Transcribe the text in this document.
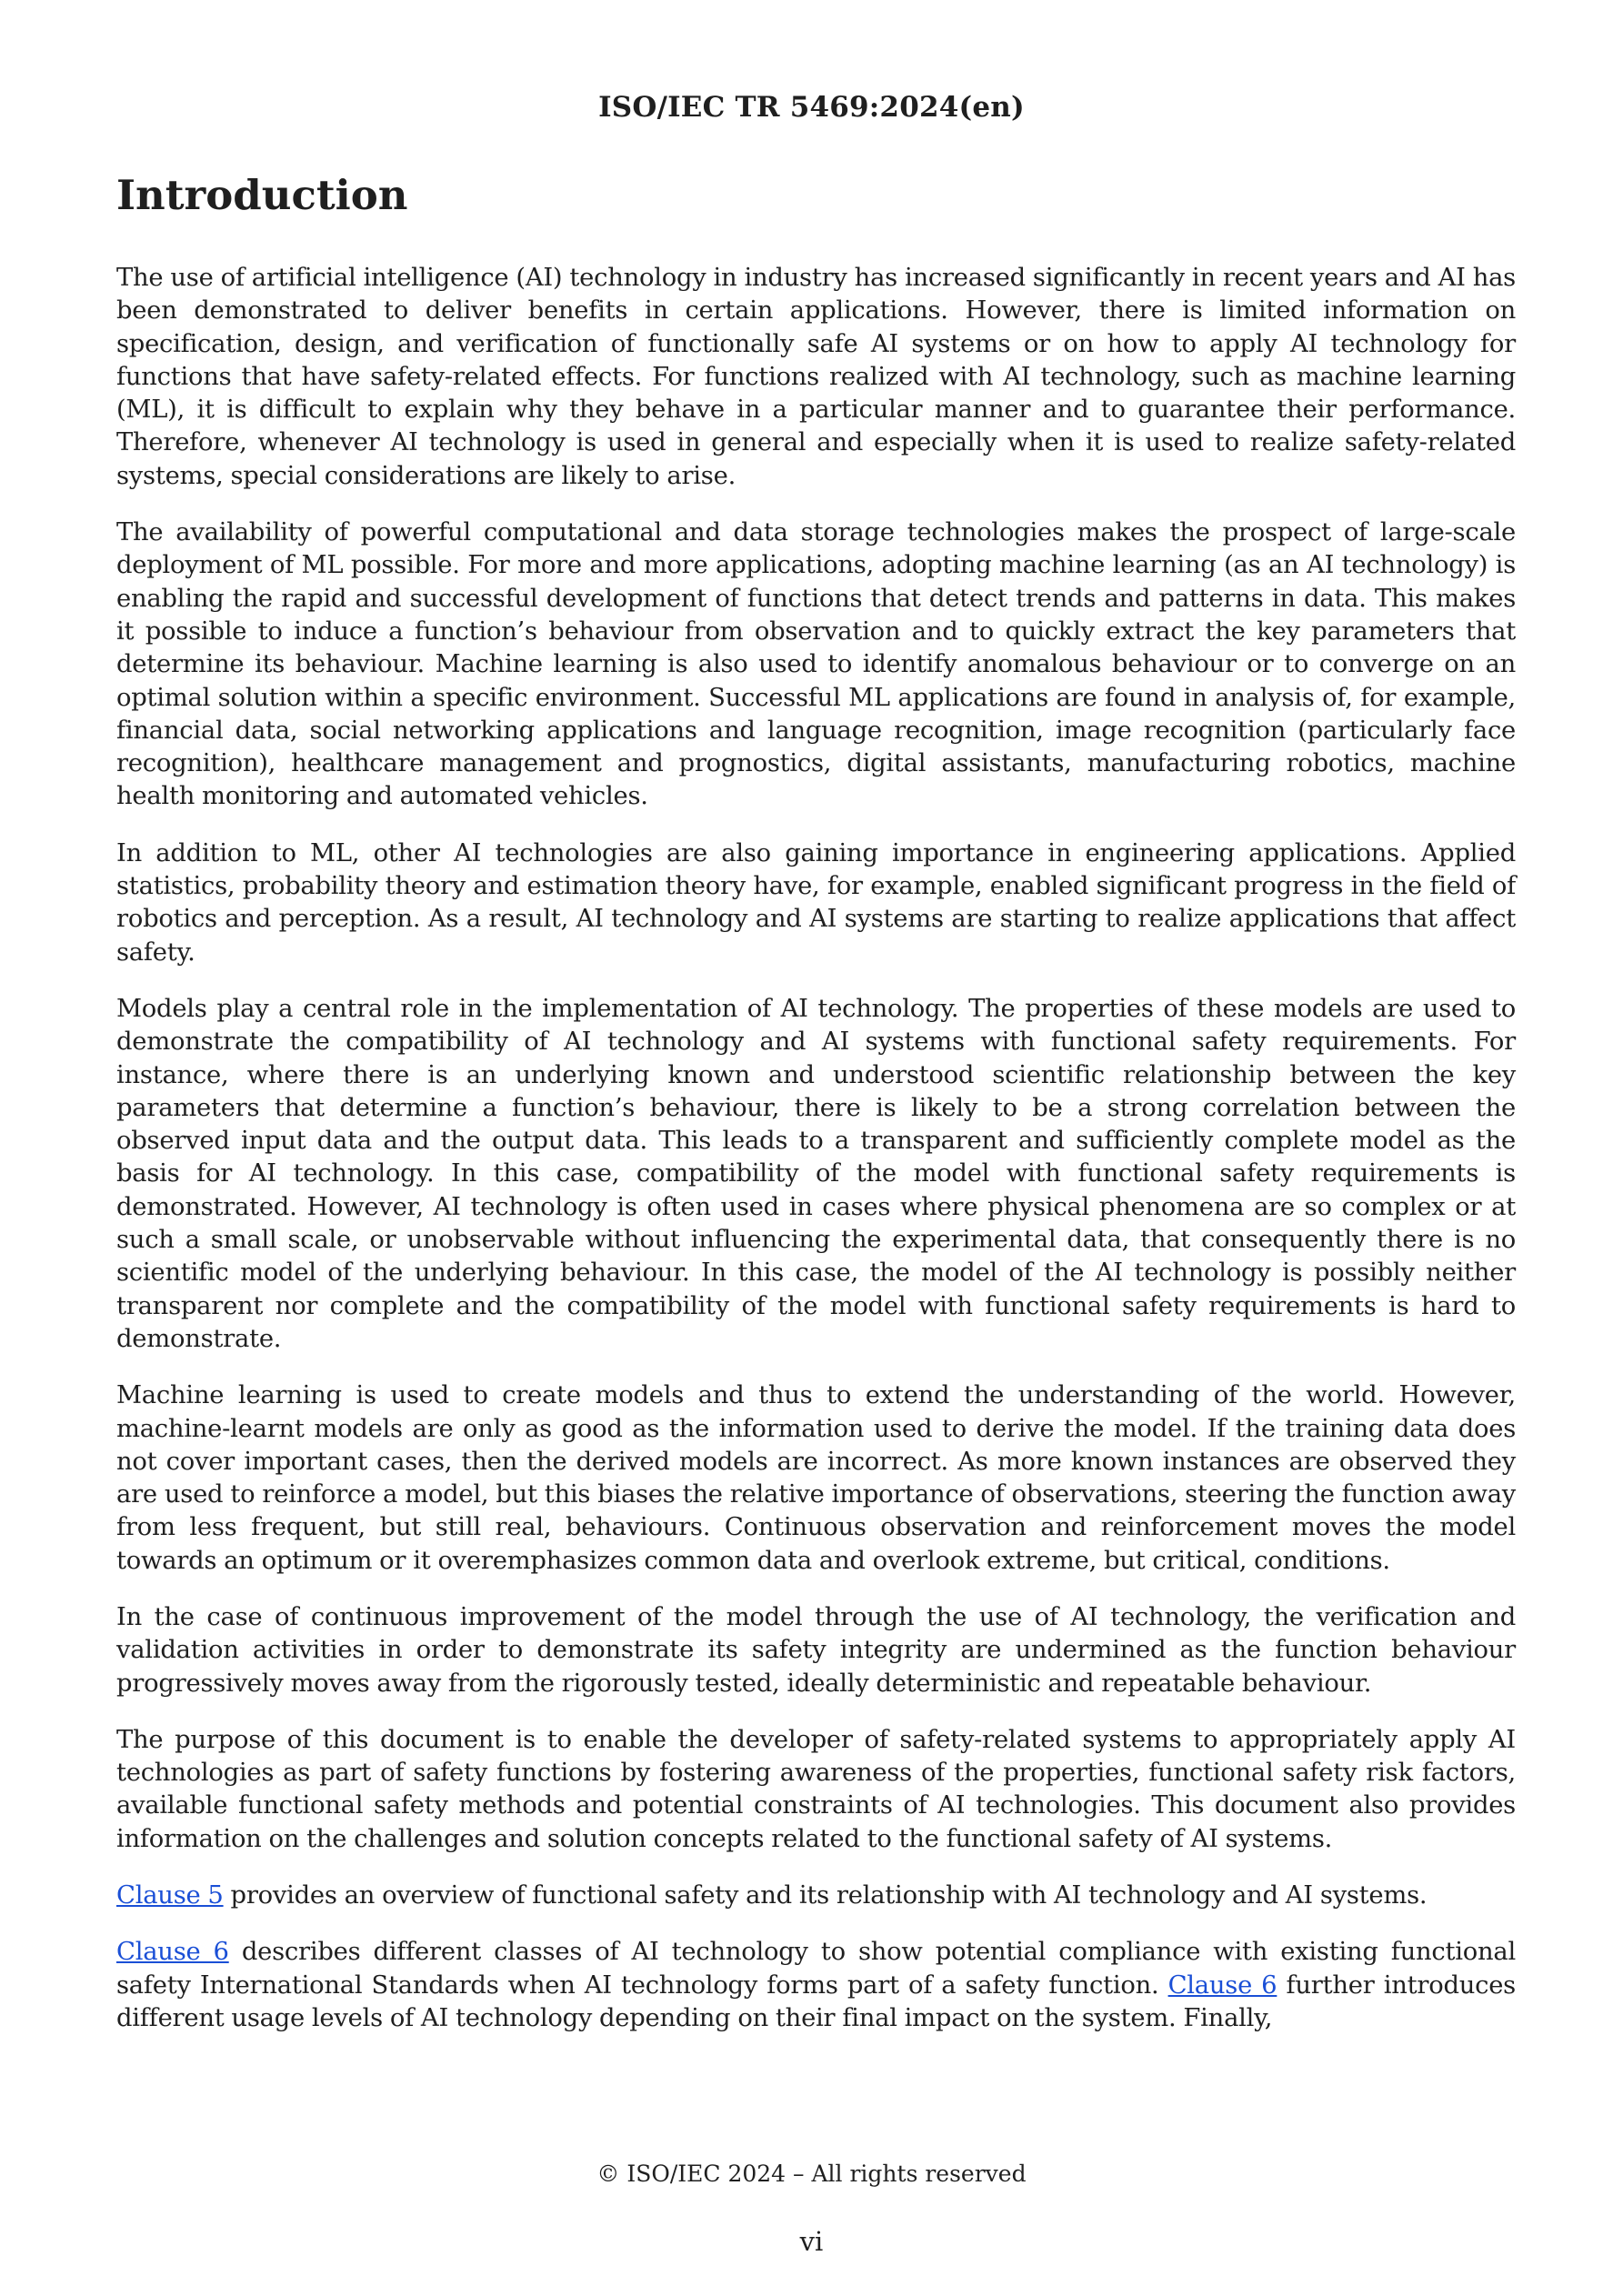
ISO/IEC TR 5469:2024(en)
Introduction

The use of artificial intelligence (AI) technology in industry has increased significantly in recent years and AI has been demonstrated to deliver benefits in certain applications. However, there is limited information on specification, design, and verification of functionally safe AI systems or on how to apply AI technology for functions that have safety-related effects. For functions realized with AI technology, such as machine learning (ML), it is difficult to explain why they behave in a particular manner and to guarantee their performance. Therefore, whenever AI technology is used in general and especially when it is used to realize safety-related systems, special considerations are likely to arise.

The availability of powerful computational and data storage technologies makes the prospect of large-scale deployment of ML possible. For more and more applications, adopting machine learning (as an AI technology) is enabling the rapid and successful development of functions that detect trends and patterns in data. This makes it possible to induce a function’s behaviour from observation and to quickly extract the key parameters that determine its behaviour. Machine learning is also used to identify anomalous behaviour or to converge on an optimal solution within a specific environment. Successful ML applications are found in analysis of, for example, financial data, social networking applications and language recognition, image recognition (particularly face recognition), healthcare management and prognostics, digital assistants, manufacturing robotics, machine health monitoring and automated vehicles.

In addition to ML, other AI technologies are also gaining importance in engineering applications. Applied statistics, probability theory and estimation theory have, for example, enabled significant progress in the field of robotics and perception. As a result, AI technology and AI systems are starting to realize applications that affect safety.

Models play a central role in the implementation of AI technology. The properties of these models are used to demonstrate the compatibility of AI technology and AI systems with functional safety requirements. For instance, where there is an underlying known and understood scientific relationship between the key parameters that determine a function’s behaviour, there is likely to be a strong correlation between the observed input data and the output data. This leads to a transparent and sufficiently complete model as the basis for AI technology. In this case, compatibility of the model with functional safety requirements is demonstrated. However, AI technology is often used in cases where physical phenomena are so complex or at such a small scale, or unobservable without influencing the experimental data, that consequently there is no scientific model of the underlying behaviour. In this case, the model of the AI technology is possibly neither transparent nor complete and the compatibility of the model with functional safety requirements is hard to demonstrate.

Machine learning is used to create models and thus to extend the understanding of the world. However, machine-learnt models are only as good as the information used to derive the model. If the training data does not cover important cases, then the derived models are incorrect. As more known instances are observed they are used to reinforce a model, but this biases the relative importance of observations, steering the function away from less frequent, but still real, behaviours. Continuous observation and reinforcement moves the model towards an optimum or it overemphasizes common data and overlook extreme, but critical, conditions.

In the case of continuous improvement of the model through the use of AI technology, the verification and validation activities in order to demonstrate its safety integrity are undermined as the function behaviour progressively moves away from the rigorously tested, ideally deterministic and repeatable behaviour.

The purpose of this document is to enable the developer of safety-related systems to appropriately apply AI technologies as part of safety functions by fostering awareness of the properties, functional safety risk factors, available functional safety methods and potential constraints of AI technologies. This document also provides information on the challenges and solution concepts related to the functional safety of AI systems.

Clause 5 provides an overview of functional safety and its relationship with AI technology and AI systems.

Clause 6 describes different classes of AI technology to show potential compliance with existing functional safety International Standards when AI technology forms part of a safety function. Clause 6 further introduces different usage levels of AI technology depending on their final impact on the system. Finally,

© ISO/IEC 2024 – All rights reserved
vi
